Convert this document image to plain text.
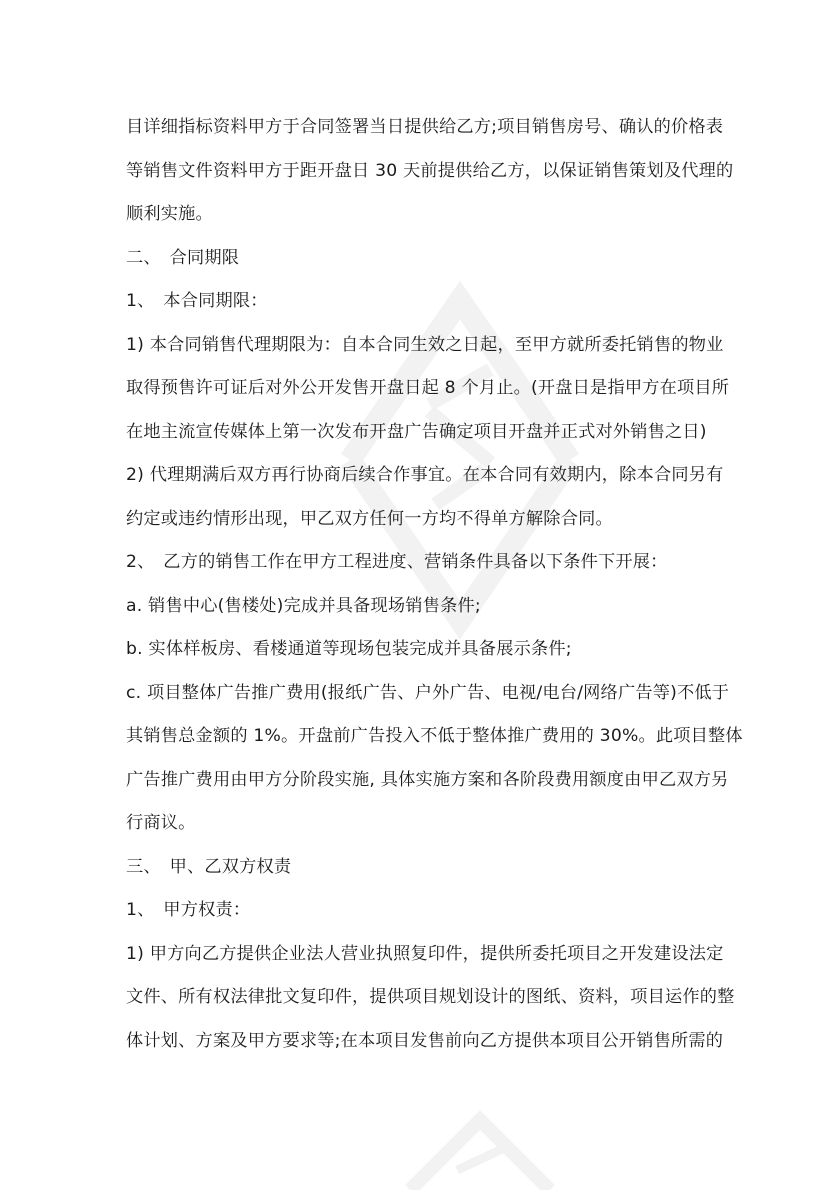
目详细指标资料甲方于合同签署当日提供给乙方;项目销售房号、确认的价格表
等销售文件资料甲方于距开盘日 30 天前提供给乙方，以保证销售策划及代理的
顺利实施。
二、　合同期限
1、　本合同期限：
1) 本合同销售代理期限为：自本合同生效之日起，至甲方就所委托销售的物业
取得预售许可证后对外公开发售开盘日起 8 个月止。(开盘日是指甲方在项目所
在地主流宣传媒体上第一次发布开盘广告确定项目开盘并正式对外销售之日)
2) 代理期满后双方再行协商后续合作事宜。在本合同有效期内，除本合同另有
约定或违约情形出现，甲乙双方任何一方均不得单方解除合同。
2、　乙方的销售工作在甲方工程进度、营销条件具备以下条件下开展：
a. 销售中心(售楼处)完成并具备现场销售条件;
b. 实体样板房、看楼通道等现场包装完成并具备展示条件;
c. 项目整体广告推广费用(报纸广告、户外广告、电视/电台/网络广告等)不低于
其销售总金额的 1%。开盘前广告投入不低于整体推广费用的 30%。此项目整体
广告推广费用由甲方分阶段实施, 具体实施方案和各阶段费用额度由甲乙双方另
行商议。
三、　甲、乙双方权责
1、　甲方权责：
1) 甲方向乙方提供企业法人营业执照复印件，提供所委托项目之开发建设法定
文件、所有权法律批文复印件，提供项目规划设计的图纸、资料，项目运作的整
体计划、方案及甲方要求等;在本项目发售前向乙方提供本项目公开销售所需的
